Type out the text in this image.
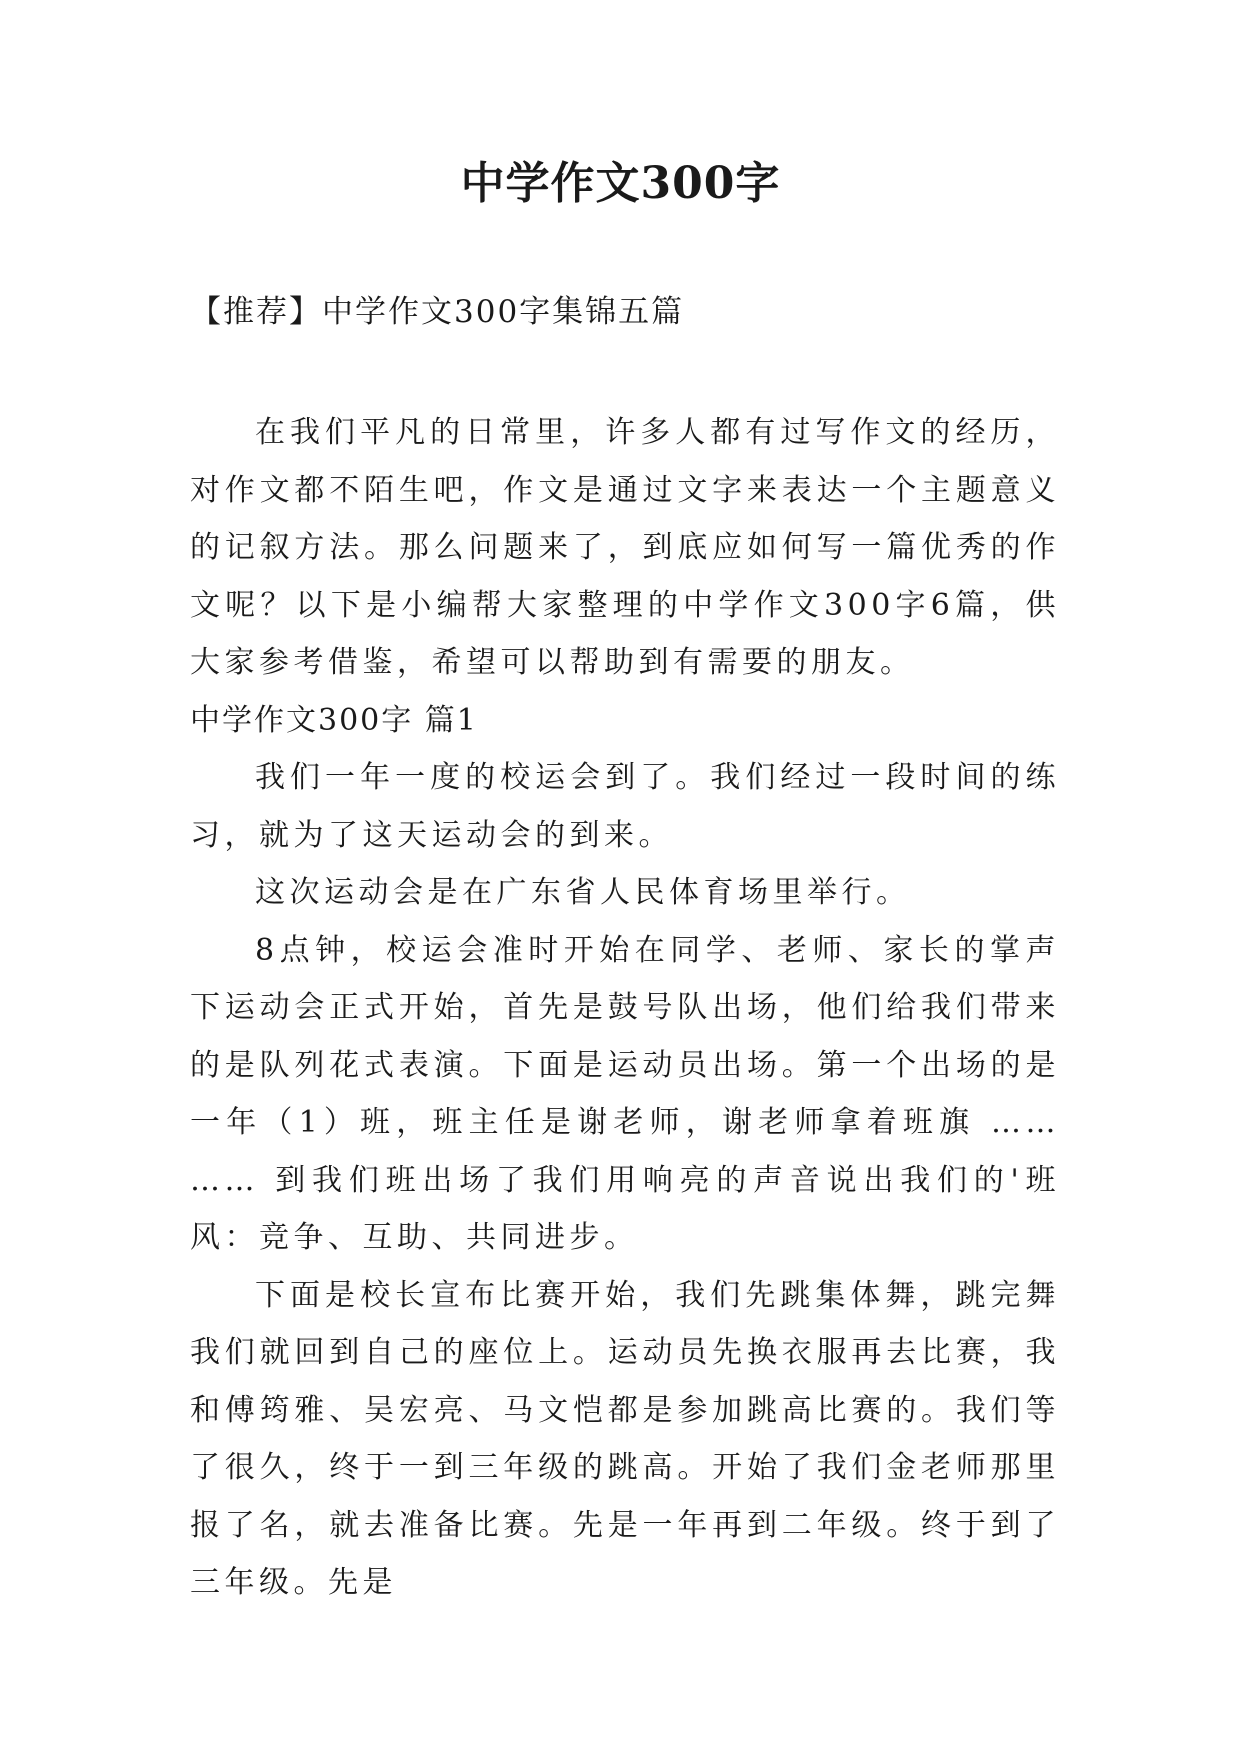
中学作文300字
【推荐】中学作文300字集锦五篇

在我们平凡的日常里，许多人都有过写作文的经历，对作文都不陌生吧，作文是通过文字来表达一个主题意义的记叙方法。那么问题来了，到底应如何写一篇优秀的作文呢？以下是小编帮大家整理的中学作文300字6篇，供大家参考借鉴，希望可以帮助到有需要的朋友。

中学作文300字 篇1

我们一年一度的校运会到了。我们经过一段时间的练习，就为了这天运动会的到来。

这次运动会是在广东省人民体育场里举行。

8点钟，校运会准时开始在同学、老师、家长的掌声下运动会正式开始，首先是鼓号队出场，他们给我们带来的是队列花式表演。下面是运动员出场。第一个出场的是一年（1）班，班主任是谢老师，谢老师拿着班旗 …… …… 到我们班出场了我们用响亮的声音说出我们的'班风：竞争、互助、共同进步。

下面是校长宣布比赛开始，我们先跳集体舞，跳完舞我们就回到自己的座位上。运动员先换衣服再去比赛，我和傅筠雅、吴宏亮、马文恺都是参加跳高比赛的。我们等了很久，终于一到三年级的跳高。开始了我们金老师那里报了名，就去准备比赛。先是一年再到二年级。终于到了三年级。先是
